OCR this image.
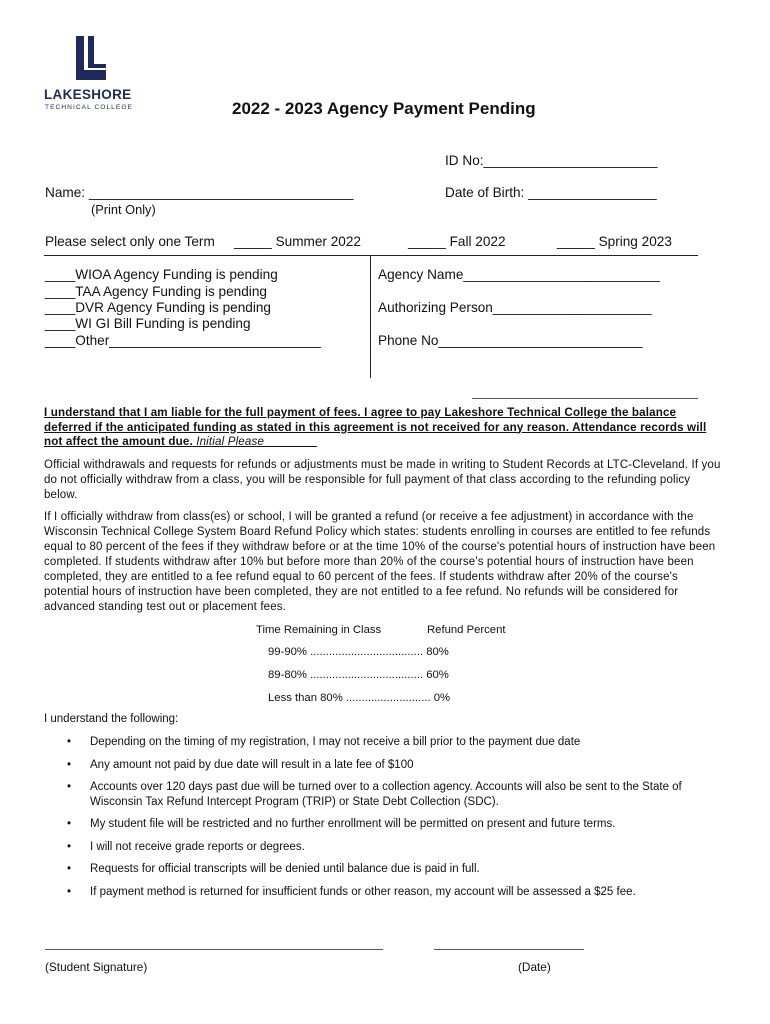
LAKESHORE
TECHNICAL COLLEGE	2022 - 2023 Agency Payment Pending
ID No:_______________________
Name: ___________________________________
(Print Only)
Date of Birth: _________________
Please select only one Term _____ Summer 2022	_____ Fall 2022	_____ Spring 2023
____WIOA Agency Funding is pending
____TAA Agency Funding is pending
____DVR Agency Funding is pending
____WI GI Bill Funding is pending
____Other____________________________
Agency Name__________________________
Authorizing Person_____________________
Phone No___________________________
I understand that I am liable for the full payment of fees. I agree to pay Lakeshore Technical College the balance deferred if the anticipated funding as stated in this agreement is not received for any reason. Attendance records will not affect the amount due. Initial Please________
Official withdrawals and requests for refunds or adjustments must be made in writing to Student Records at LTC-Cleveland. If you do not officially withdraw from a class, you will be responsible for full payment of that class according to the refunding policy below.
If I officially withdraw from class(es) or school, I will be granted a refund (or receive a fee adjustment) in accordance with the Wisconsin Technical College System Board Refund Policy which states: students enrolling in courses are entitled to fee refunds equal to 80 percent of the fees if they withdraw before or at the time 10% of the course's potential hours of instruction have been completed. If students withdraw after 10% but before more than 20% of the course's potential hours of instruction have been completed, they are entitled to a fee refund equal to 60 percent of the fees. If students withdraw after 20% of the course's potential hours of instruction have been completed, they are not entitled to a fee refund. No refunds will be considered for advanced standing test out or placement fees.
Time Remaining in Class	Refund Percent
99-90% .................................... 80%
89-80% .................................... 60%
Less than 80% ........................... 0%
I understand the following:
• Depending on the timing of my registration, I may not receive a bill prior to the payment due date
• Any amount not paid by due date will result in a late fee of $100
• Accounts over 120 days past due will be turned over to a collection agency. Accounts will also be sent to the State of Wisconsin Tax Refund Intercept Program (TRIP) or State Debt Collection (SDC).
• My student file will be restricted and no further enrollment will be permitted on present and future terms.
• I will not receive grade reports or degrees.
• Requests for official transcripts will be denied until balance due is paid in full.
• If payment method is returned for insufficient funds or other reason, my account will be assessed a $25 fee.
(Student Signature)	(Date)
